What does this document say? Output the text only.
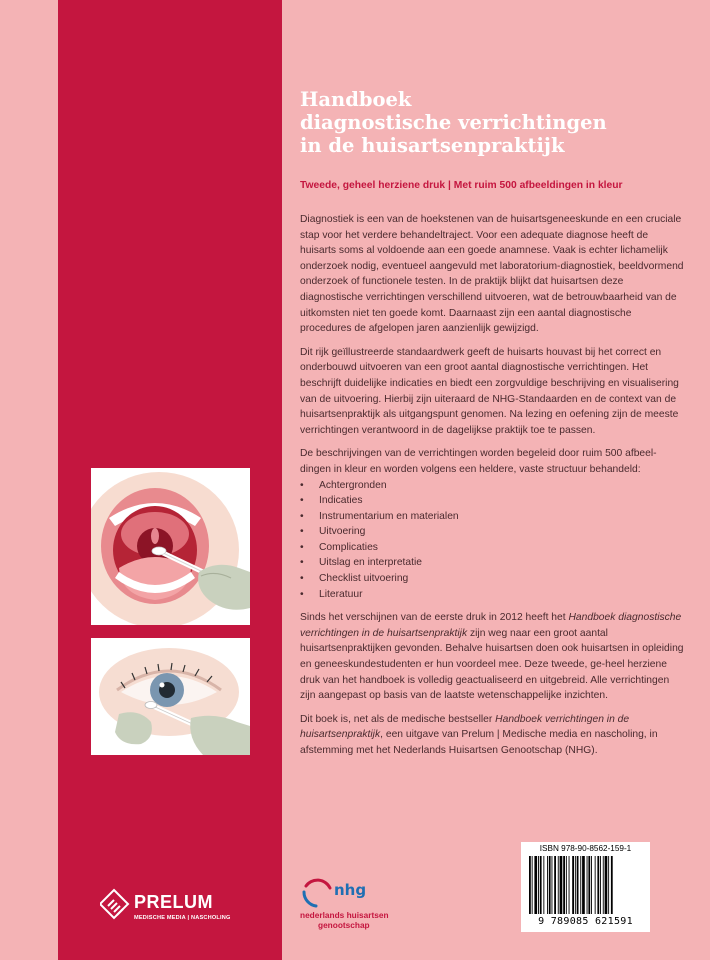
Handboek
diagnostische verrichtingen
in de huisartsenpraktijk

Tweede, geheel herziene druk | Met ruim 500 afbeeldingen in kleur

Diagnostiek is een van de hoekstenen van de huisartsgeneeskunde en een cruciale stap voor het verdere behandeltraject. Voor een adequate diagnose heeft de huisarts soms al voldoende aan een goede anamnese. Vaak is echter lichamelijk onderzoek nodig, eventueel aangevuld met laboratorium-diagnostiek, beeldvormend onderzoek of functionele testen. In de praktijk blijkt dat huisartsen deze diagnostische verrichtingen verschillend uitvoeren, wat de betrouwbaarheid van de uitkomsten niet ten goede komt. Daarnaast zijn een aantal diagnostische procedures de afgelopen jaren aanzienlijk gewijzigd.

Dit rijk geïllustreerde standaardwerk geeft de huisarts houvast bij het correct en onderbouwd uitvoeren van een groot aantal diagnostische verrichtingen. Het beschrijft duidelijke indicaties en biedt een zorgvuldige beschrijving en visualisering van de uitvoering. Hierbij zijn uiteraard de NHG-Standaarden en de context van de huisartsenpraktijk als uitgangspunt genomen. Na lezing en oefening zijn de meeste verrichtingen verantwoord in de dagelijkse praktijk toe te passen.

De beschrijvingen van de verrichtingen worden begeleid door ruim 500 afbeel-dingen in kleur en worden volgens een heldere, vaste structuur behandeld:

• Achtergronden
• Indicaties
• Instrumentarium en materialen
• Uitvoering
• Complicaties
• Uitslag en interpretatie
• Checklist uitvoering
• Literatuur

Sinds het verschijnen van de eerste druk in 2012 heeft het Handboek diagnostische verrichtingen in de huisartsenpraktijk zijn weg naar een groot aantal huisartsenpraktijken gevonden. Behalve huisartsen doen ook huisartsen in opleiding en geneeskundestudenten er hun voordeel mee. Deze tweede, ge-heel herziene druk van het handboek is volledig geactualiseerd en uitgebreid. Alle verrichtingen zijn aangepast op basis van de laatste wetenschappelijke inzichten.

Dit boek is, net als de medische bestseller Handboek verrichtingen in de huisartsenpraktijk, een uitgave van Prelum | Medische media en nascholing, in afstemming met het Nederlands Huisartsen Genootschap (NHG).

PRELUM
MEDISCHE MEDIA | NASCHOLING
nhg
nederlands huisartsen
genootschap
ISBN 978-90-8562-159-1
9 789085 621591
